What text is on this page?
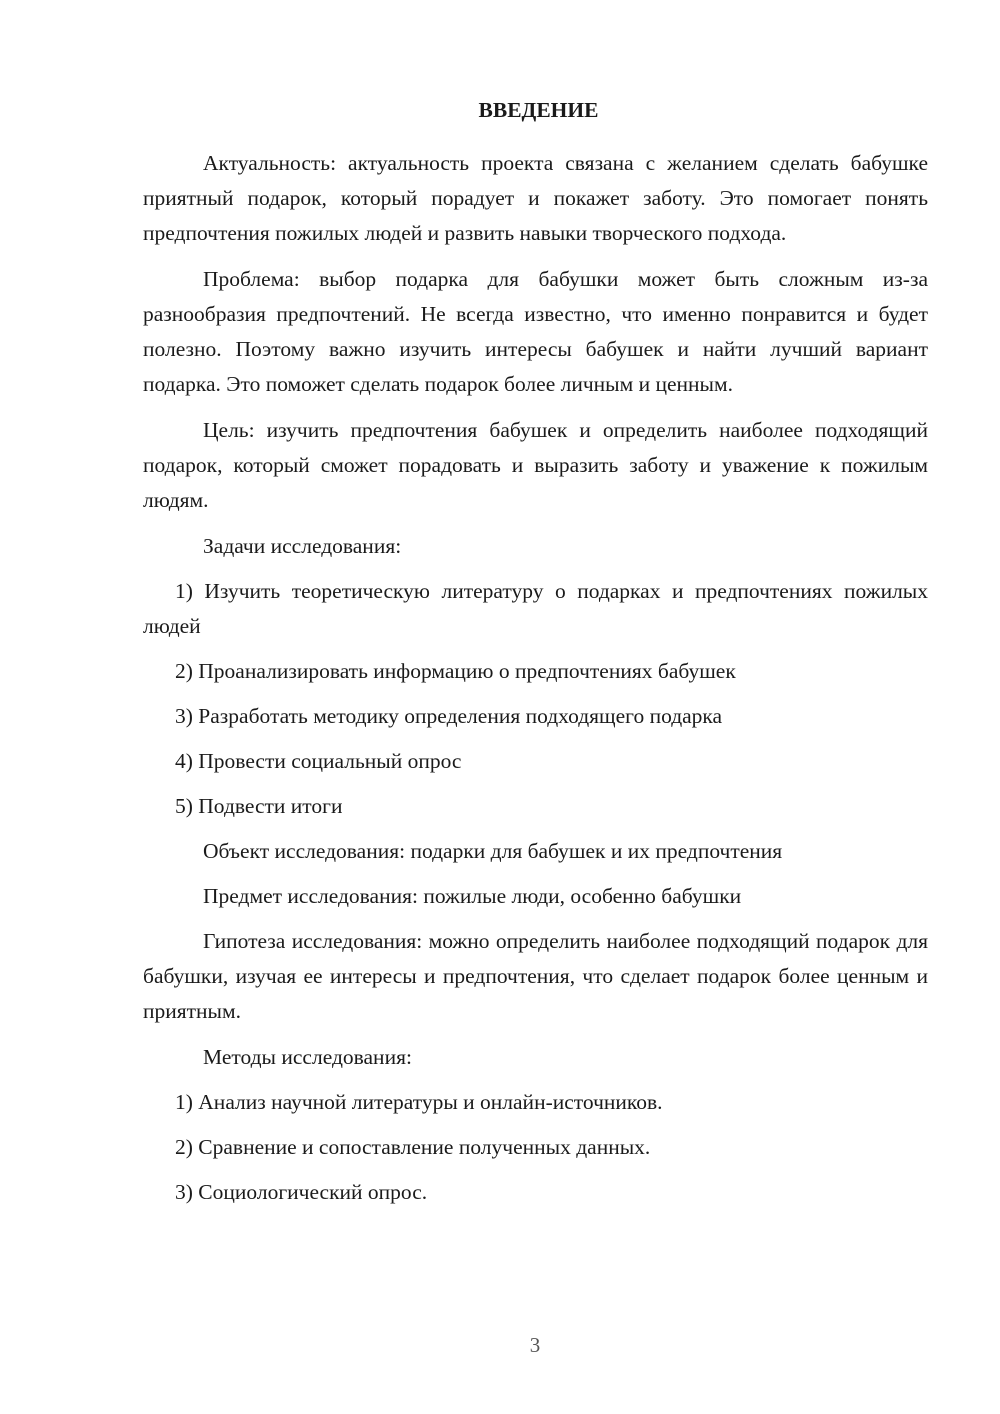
ВВЕДЕНИЕ

Актуальность: актуальность проекта связана с желанием сделать бабушке приятный подарок, который порадует и покажет заботу. Это помогает понять предпочтения пожилых людей и развить навыки творческого подхода.

Проблема: выбор подарка для бабушки может быть сложным из-за разнообразия предпочтений. Не всегда известно, что именно понравится и будет полезно. Поэтому важно изучить интересы бабушек и найти лучший вариант подарка. Это поможет сделать подарок более личным и ценным.

Цель: изучить предпочтения бабушек и определить наиболее подходящий подарок, который сможет порадовать и выразить заботу и уважение к пожилым людям.

Задачи исследования:

1) Изучить теоретическую литературу о подарках и предпочтениях пожилых людей

2) Проанализировать информацию о предпочтениях бабушек

3) Разработать методику определения подходящего подарка

4) Провести социальный опрос

5) Подвести итоги

Объект исследования: подарки для бабушек и их предпочтения

Предмет исследования: пожилые люди, особенно бабушки

Гипотеза исследования: можно определить наиболее подходящий подарок для бабушки, изучая ее интересы и предпочтения, что сделает подарок более ценным и приятным.

Методы исследования:

1) Анализ научной литературы и онлайн-источников.

2) Сравнение и сопоставление полученных данных.

3) Социологический опрос.

3
